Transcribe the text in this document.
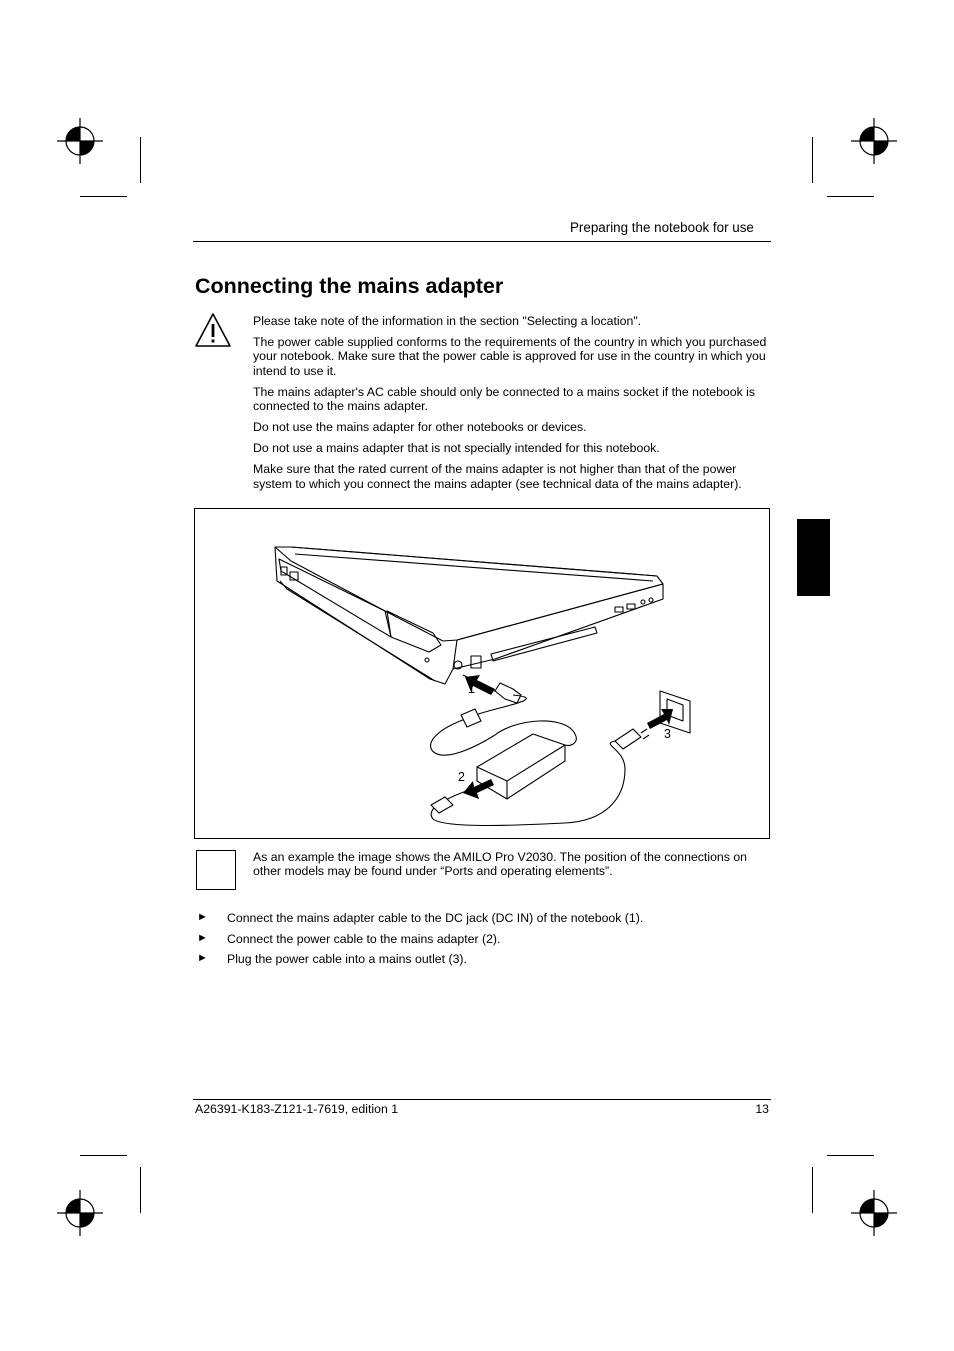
Preparing the notebook for use
Connecting the mains adapter

Please take note of the information in the section "Selecting a location".

The power cable supplied conforms to the requirements of the country in which you purchased your notebook. Make sure that the power cable is approved for use in the country in which you intend to use it.

The mains adapter's AC cable should only be connected to a mains socket if the notebook is connected to the mains adapter.

Do not use the mains adapter for other notebooks or devices.

Do not use a mains adapter that is not specially intended for this notebook.

Make sure that the rated current of the mains adapter is not higher than that of the power system to which you connect the mains adapter (see technical data of the mains adapter).

1
2
3
As an example the image shows the AMILO Pro V2030. The position of the connections on other models may be found under “Ports and operating elements”.
► Connect the mains adapter cable to the DC jack (DC IN) of the notebook (1).
► Connect the power cable to the mains adapter (2).
► Plug the power cable into a mains outlet (3).
A26391-K183-Z121-1-7619, edition 1	13
